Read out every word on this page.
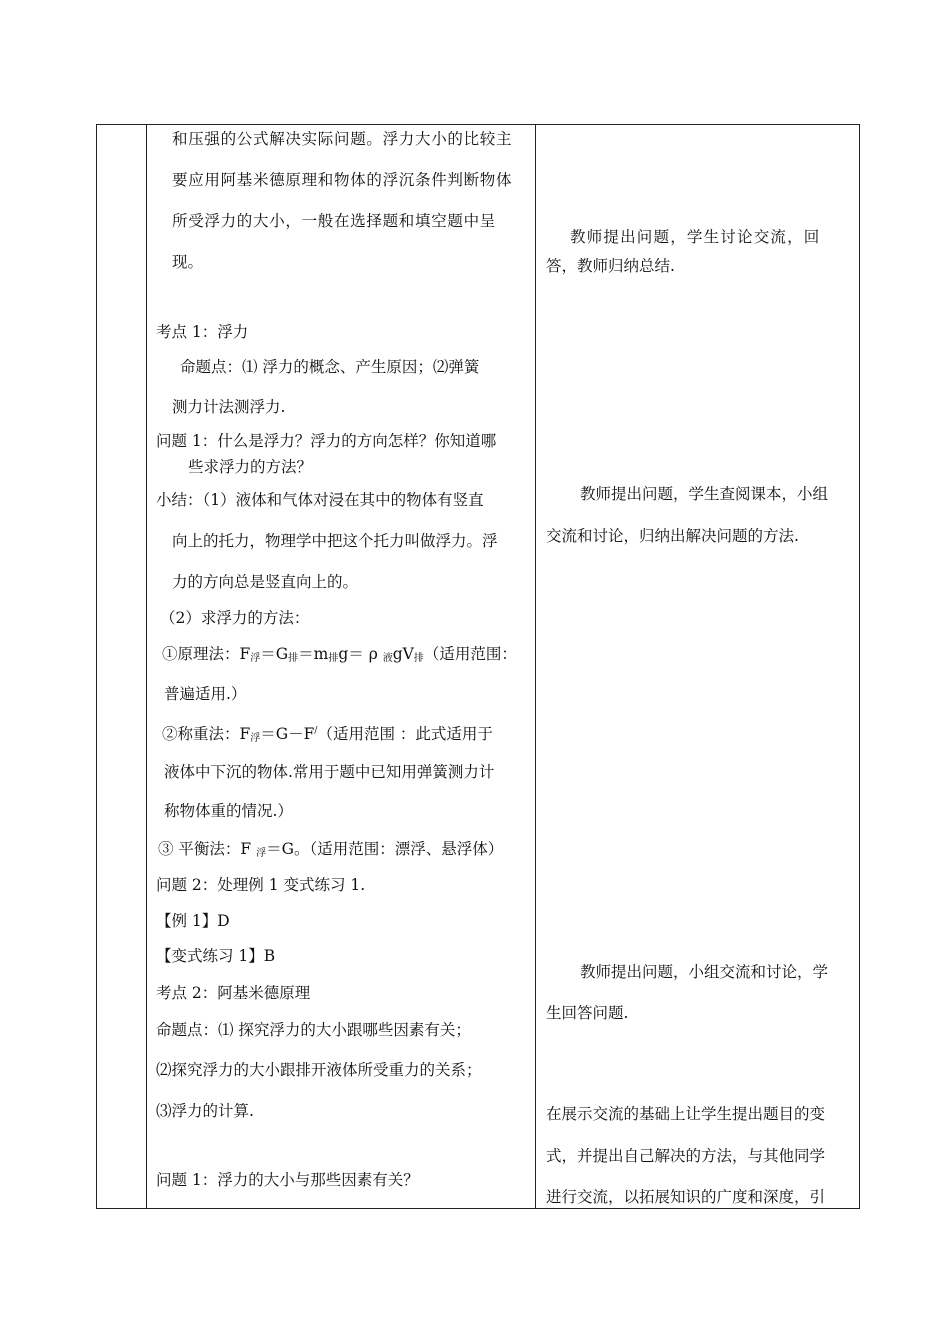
和压强的公式解决实际问题。浮力大小的比较主
要应用阿基米德原理和物体的浮沉条件判断物体
所受浮力的大小，一般在选择题和填空题中呈
现。
考点 1：浮力
命题点：⑴ 浮力的概念、产生原因；⑵弹簧
测力计法测浮力.
问题 1：什么是浮力？浮力的方向怎样？你知道哪
些求浮力的方法？
小结：（1）液体和气体对浸在其中的物体有竖直
向上的托力，物理学中把这个托力叫做浮力。浮
力的方向总是竖直向上的。
（2）求浮力的方法：
①原理法：$F_浮=G_排=m_排g= \rho$ $_液gV_排$（适用范围：
普遍适用.）
②称重法：$F_浮=G-F^/$（适用范围 ：此式适用于
液体中下沉的物体.常用于题中已知用弹簧测力计
称物体重的情况.）
③ 平衡法：F $_浮$＝G。（适用范围：漂浮、悬浮体）
问题 2：处理例 1 变式练习 1.
【例 1】D
【变式练习 1】B
考点 2：阿基米德原理
命题点：⑴ 探究浮力的大小跟哪些因素有关；
⑵探究浮力的大小跟排开液体所受重力的关系；
⑶浮力的计算.
问题 1：浮力的大小与那些因素有关？
教师提出问题，学生讨论交流，回
答，教师归纳总结.
教师提出问题，学生查阅课本，小组
交流和讨论，归纳出解决问题的方法.
教师提出问题，小组交流和讨论，学
生回答问题.
在展示交流的基础上让学生提出题目的变
式，并提出自己解决的方法，与其他同学
进行交流，以拓展知识的广度和深度，引
